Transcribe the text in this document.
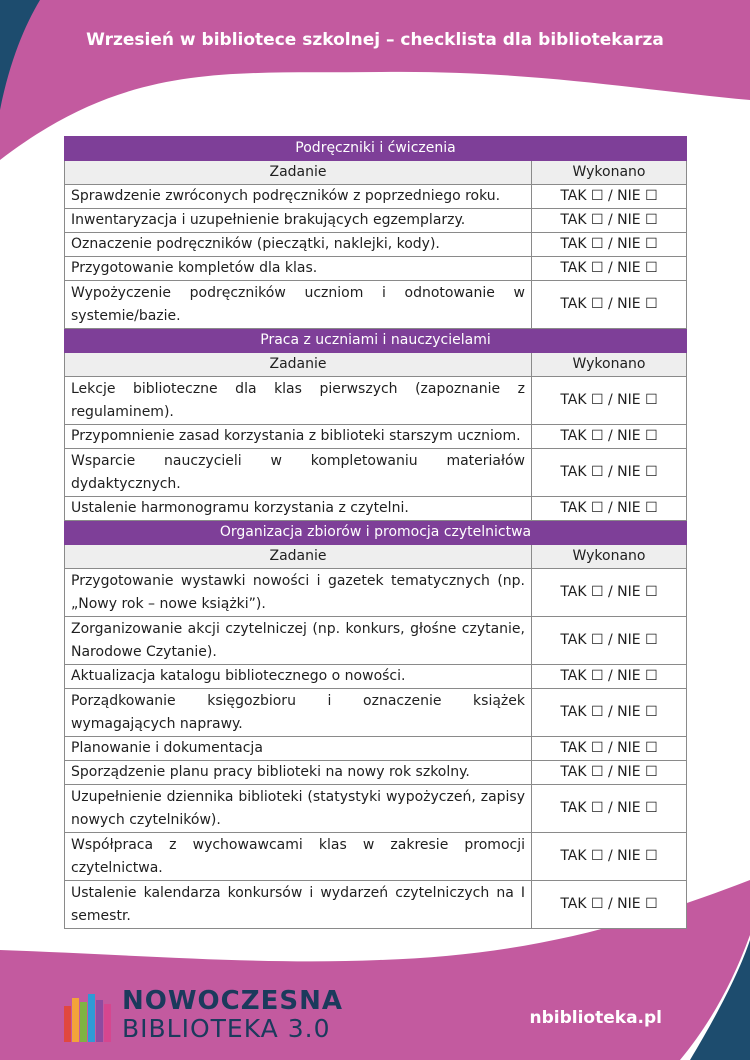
Wrzesień w bibliotece szkolnej – checklista dla bibliotekarza
Podręczniki i ćwiczenia	
Zadanie	Wykonano
Sprawdzenie zwróconych podręczników z poprzedniego roku.	TAK ☐ / NIE ☐
Inwentaryzacja i uzupełnienie brakujących egzemplarzy.	TAK ☐ / NIE ☐
Oznaczenie podręczników (pieczątki, naklejki, kody).	TAK ☐ / NIE ☐
Przygotowanie kompletów dla klas.	TAK ☐ / NIE ☐
Wypożyczenie podręczników uczniom i odnotowanie w systemie/bazie.	TAK ☐ / NIE ☐
Praca z uczniami i nauczycielami	
Zadanie	Wykonano
Lekcje biblioteczne dla klas pierwszych (zapoznanie z regulaminem).	TAK ☐ / NIE ☐
Przypomnienie zasad korzystania z biblioteki starszym uczniom.	TAK ☐ / NIE ☐
Wsparcie nauczycieli w kompletowaniu materiałów dydaktycznych.	TAK ☐ / NIE ☐
Ustalenie harmonogramu korzystania z czytelni.	TAK ☐ / NIE ☐
Organizacja zbiorów i promocja czytelnictwa	
Zadanie	Wykonano
Przygotowanie wystawki nowości i gazetek tematycznych (np. „Nowy rok – nowe książki”).	TAK ☐ / NIE ☐
Zorganizowanie akcji czytelniczej (np. konkurs, głośne czytanie, Narodowe Czytanie).	TAK ☐ / NIE ☐
Aktualizacja katalogu bibliotecznego o nowości.	TAK ☐ / NIE ☐
Porządkowanie księgozbioru i oznaczenie książek wymagających naprawy.	TAK ☐ / NIE ☐
Planowanie i dokumentacja	TAK ☐ / NIE ☐
Sporządzenie planu pracy biblioteki na nowy rok szkolny.	TAK ☐ / NIE ☐
Uzupełnienie dziennika biblioteki (statystyki wypożyczeń, zapisy nowych czytelników).	TAK ☐ / NIE ☐
Współpraca z wychowawcami klas w zakresie promocji czytelnictwa.	TAK ☐ / NIE ☐
Ustalenie kalendarza konkursów i wydarzeń czytelniczych na I semestr.	TAK ☐ / NIE ☐
NOWOCZESNA
BIBLIOTEKA 3.0	nbiblioteka.pl
